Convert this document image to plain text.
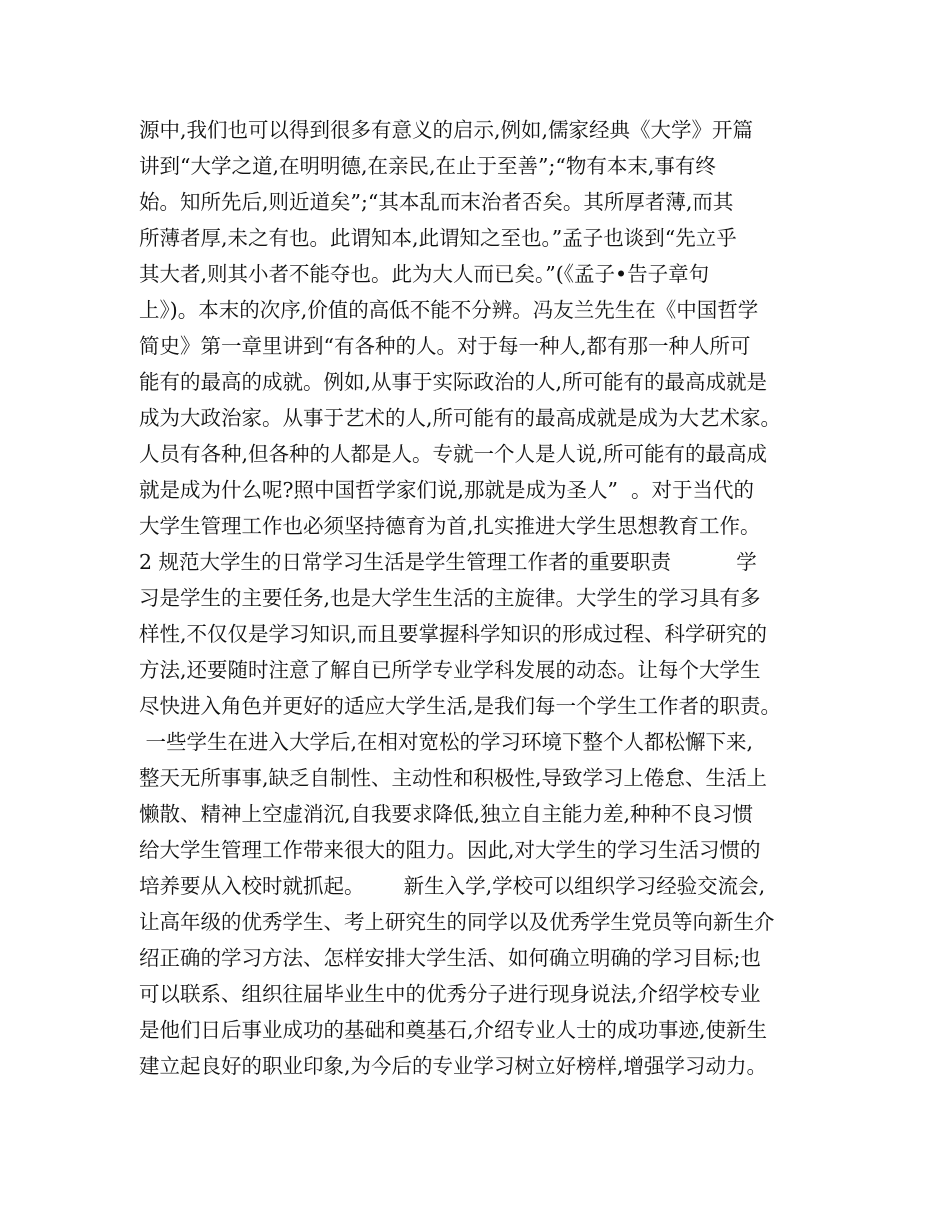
源中,我们也可以得到很多有意义的启示,例如,儒家经典《大学》开篇
讲到“大学之道,在明明德,在亲民,在止于至善”;“物有本末,事有终
始。知所先后,则近道矣”;“其本乱而末治者否矣。其所厚者薄,而其
所薄者厚,未之有也。此谓知本,此谓知之至也。”孟子也谈到“先立乎
其大者,则其小者不能夺也。此为大人而已矣。”(《孟子•告子章句
上》)。本末的次序,价值的高低不能不分辨。冯友兰先生在《中国哲学
简史》第一章里讲到“有各种的人。对于每一种人,都有那一种人所可
能有的最高的成就。例如,从事于实际政治的人,所可能有的最高成就是
成为大政治家。从事于艺术的人,所可能有的最高成就是成为大艺术家。
人员有各种,但各种的人都是人。专就一个人是人说,所可能有的最高成
就是成为什么呢?照中国哲学家们说,那就是成为圣人”  。对于当代的
大学生管理工作也必须坚持德育为首,扎实推进大学生思想教育工作。
2 规范大学生的日常学习生活是学生管理工作者的重要职责          学
习是学生的主要任务,也是大学生生活的主旋律。大学生的学习具有多
样性,不仅仅是学习知识,而且要掌握科学知识的形成过程、科学研究的
方法,还要随时注意了解自已所学专业学科发展的动态。让每个大学生
尽快进入角色并更好的适应大学生活,是我们每一个学生工作者的职责。
一些学生在进入大学后,在相对宽松的学习环境下整个人都松懈下来,
整天无所事事,缺乏自制性、主动性和积极性,导致学习上倦怠、生活上
懒散、精神上空虚消沉,自我要求降低,独立自主能力差,种种不良习惯
给大学生管理工作带来很大的阻力。因此,对大学生的学习生活习惯的
培养要从入校时就抓起。      新生入学,学校可以组织学习经验交流会,
让高年级的优秀学生、考上研究生的同学以及优秀学生党员等向新生介
绍正确的学习方法、怎样安排大学生活、如何确立明确的学习目标;也
可以联系、组织往届毕业生中的优秀分子进行现身说法,介绍学校专业
是他们日后事业成功的基础和奠基石,介绍专业人士的成功事迹,使新生
建立起良好的职业印象,为今后的专业学习树立好榜样,增强学习动力。
